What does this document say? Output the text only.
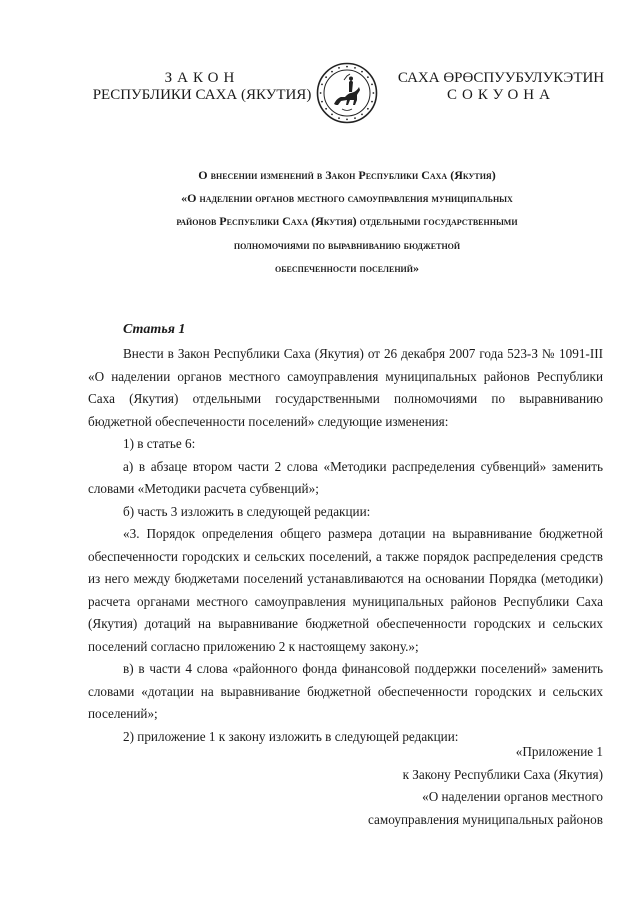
ЗАКОН
РЕСПУБЛИКИ САХА (ЯКУТИЯ)
САХА ӨРӨСПУУБУЛУКЭТИН
СОКУОНА
О внесении изменений в Закон Республики Саха (Якутия)
«О наделении органов местного самоуправления муниципальных
районов Республики Саха (Якутия) отдельными государственными
полномочиями по выравниванию бюджетной
обеспеченности поселений»
Статья 1

Внести в Закон Республики Саха (Якутия) от 26 декабря 2007 года 523-З № 1091-III «О наделении органов местного самоуправления муниципальных районов Республики Саха (Якутия) отдельными государственными полномочиями по выравниванию бюджетной обеспеченности поселений» следующие изменения:

1) в статье 6:

а) в абзаце втором части 2 слова «Методики распределения субвенций» заменить словами «Методики расчета субвенций»;

б) часть 3 изложить в следующей редакции:

«3. Порядок определения общего размера дотации на выравнивание бюджетной обеспеченности городских и сельских поселений, а также порядок распределения средств из него между бюджетами поселений устанавливаются на основании Порядка (методики) расчета органами местного самоуправления муниципальных районов Республики Саха (Якутия) дотаций на выравнивание бюджетной обеспеченности городских и сельских поселений согласно приложению 2 к настоящему закону.»;

в) в части 4 слова «районного фонда финансовой поддержки поселений» заменить словами «дотации на выравнивание бюджетной обеспеченности городских и сельских поселений»;

2) приложение 1 к закону изложить в следующей редакции:

«Приложение 1
к Закону Республики Саха (Якутия)
«О наделении органов местного
самоуправления муниципальных районов
